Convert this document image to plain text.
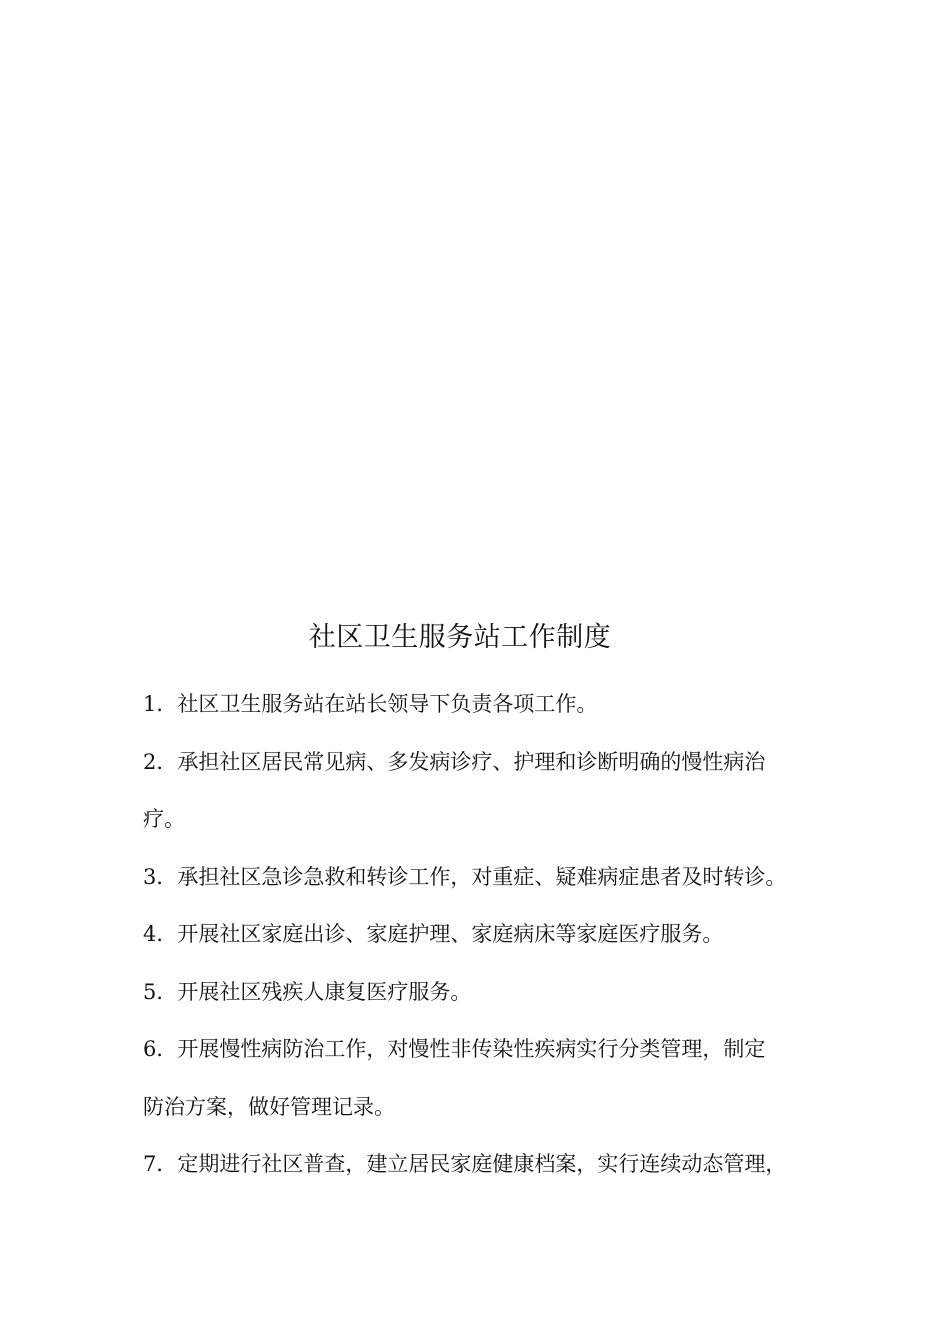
社区卫生服务站工作制度

1．社区卫生服务站在站长领导下负责各项工作。

2．承担社区居民常见病、多发病诊疗、护理和诊断明确的慢性病治

疗。

3．承担社区急诊急救和转诊工作，对重症、疑难病症患者及时转诊。

4．开展社区家庭出诊、家庭护理、家庭病床等家庭医疗服务。

5．开展社区残疾人康复医疗服务。

6．开展慢性病防治工作，对慢性非传染性疾病实行分类管理，制定

防治方案，做好管理记录。

7．定期进行社区普查，建立居民家庭健康档案，实行连续动态管理，
